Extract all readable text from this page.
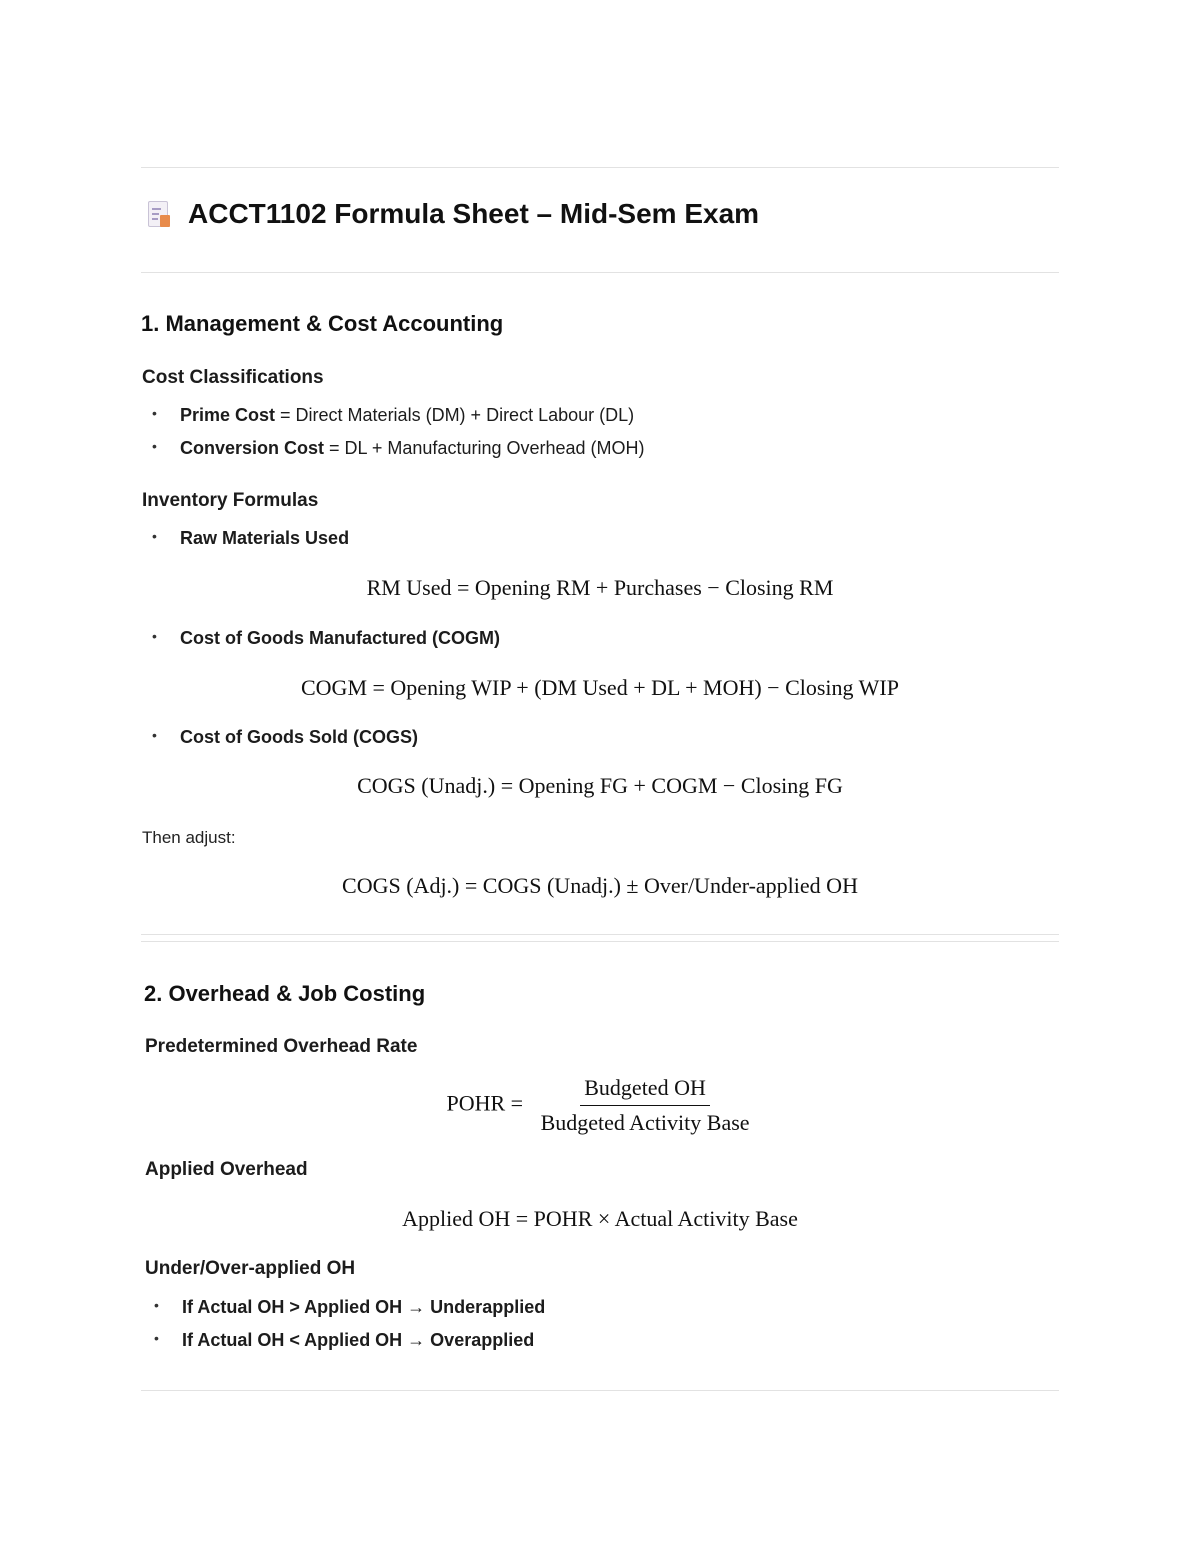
ACCT1102 Formula Sheet – Mid-Sem Exam
1. Management & Cost Accounting
Cost Classifications
• Prime Cost = Direct Materials (DM) + Direct Labour (DL)
• Conversion Cost = DL + Manufacturing Overhead (MOH)
Inventory Formulas
• Raw Materials Used
RM Used = Opening RM + Purchases − Closing RM
• Cost of Goods Manufactured (COGM)
COGM = Opening WIP + (DM Used + DL + MOH) − Closing WIP
• Cost of Goods Sold (COGS)
COGS (Unadj.) = Opening FG + COGM − Closing FG
Then adjust:
COGS (Adj.) = COGS (Unadj.) ± Over/Under-applied OH
2. Overhead & Job Costing
Predetermined Overhead Rate
POHR = $\frac{\text{Budgeted OH}}{\text{Budgeted Activity Base}}$
Applied Overhead
Applied OH = POHR × Actual Activity Base
Under/Over-applied OH
• If Actual OH > Applied OH → Underapplied
• If Actual OH < Applied OH → Overapplied
